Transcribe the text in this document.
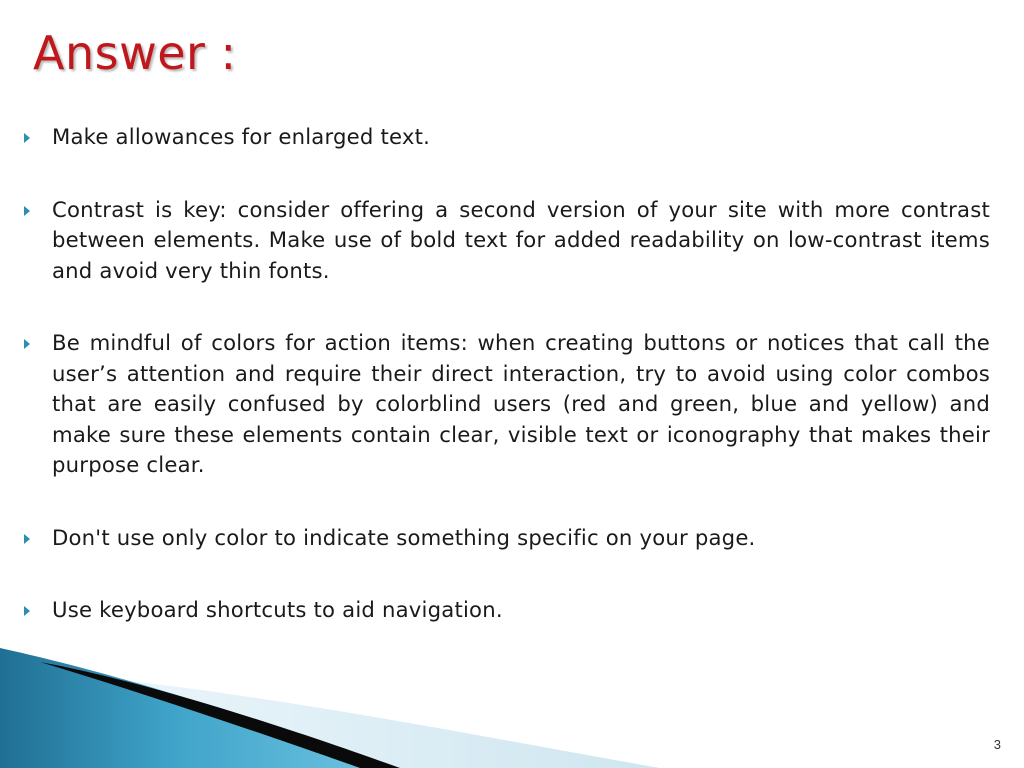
Answer :
Make allowances for enlarged text.
Contrast is key: consider offering a second version of your site with more contrast between elements. Make use of bold text for added readability on low-contrast items and avoid very thin fonts.
Be mindful of colors for action items: when creating buttons or notices that call the user’s attention and require their direct interaction, try to avoid using color combos that are easily confused by colorblind users (red and green, blue and yellow) and make sure these elements contain clear, visible text or iconography that makes their purpose clear.
Don't use only color to indicate something specific on your page.
Use keyboard shortcuts to aid navigation.
3
